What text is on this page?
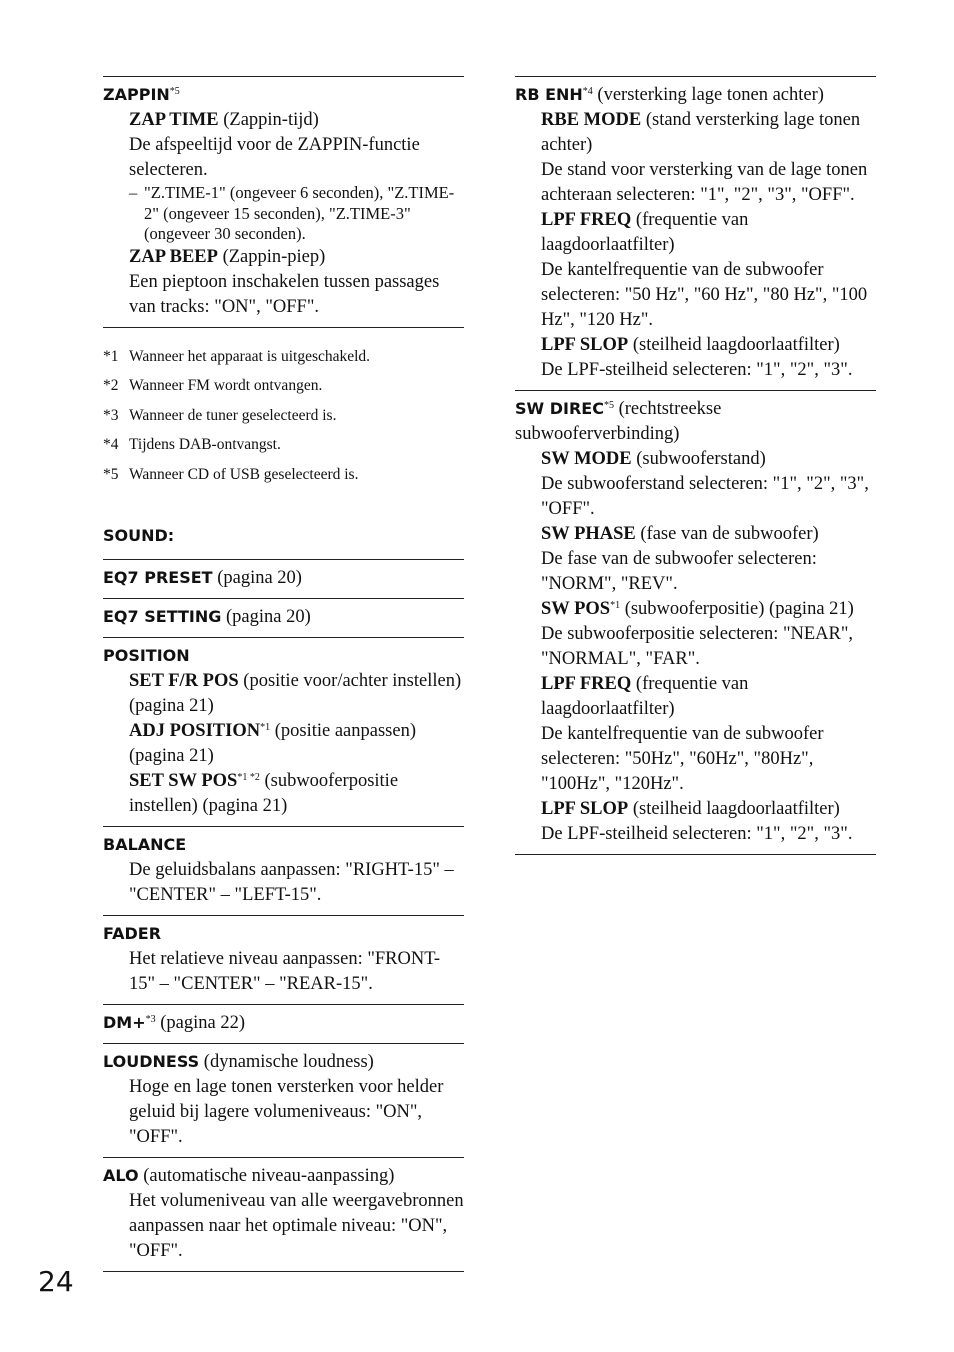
ZAPPIN$^{*5}$
ZAP TIME (Zappin-tijd)
De afspeeltijd voor de ZAPPIN-functie selecteren.
– "Z.TIME-1" (ongeveer 6 seconden), "Z.TIME-2" (ongeveer 15 seconden), "Z.TIME-3" (ongeveer 30 seconden).
ZAP BEEP (Zappin-piep)
Een pieptoon inschakelen tussen passages van tracks: "ON", "OFF".
*1 Wanneer het apparaat is uitgeschakeld.
*2 Wanneer FM wordt ontvangen.
*3 Wanneer de tuner geselecteerd is.
*4 Tijdens DAB-ontvangst.
*5 Wanneer CD of USB geselecteerd is.
SOUND:
EQ7 PRESET (pagina 20)
EQ7 SETTING (pagina 20)
POSITION
SET F/R POS (positie voor/achter instellen) (pagina 21)
ADJ POSITION$^{*1}$ (positie aanpassen) (pagina 21)
SET SW $POS^{*1 *2}$ (subwooferpositie instellen) (pagina 21)
BALANCE
De geluidsbalans aanpassen: "RIGHT-15" – "CENTER" – "LEFT-15".
FADER
Het relatieve niveau aanpassen: "FRONT-15" – "CENTER" – "REAR-15".
DM+$^{*3}$ (pagina 22)
LOUDNESS (dynamische loudness)
Hoge en lage tonen versterken voor helder geluid bij lagere volumeniveaus: "ON", "OFF".
ALO (automatische niveau-aanpassing)
Het volumeniveau van alle weergavebronnen aanpassen naar het optimale niveau: "ON", "OFF".
RB ENH$^{*4}$ (versterking lage tonen achter)
RBE MODE (stand versterking lage tonen achter)
De stand voor versterking van de lage tonen achteraan selecteren: "1", "2", "3", "OFF".
LPF FREQ (frequentie van laagdoorlaatfilter)
De kantelfrequentie van de subwoofer selecteren: "50 Hz", "60 Hz", "80 Hz", "100 Hz", "120 Hz".
LPF SLOP (steilheid laagdoorlaatfilter)
De LPF-steilheid selecteren: "1", "2", "3".
SW DIREC$^{*5}$ (rechtstreekse subwooferverbinding)
SW MODE (subwooferstand)
De subwooferstand selecteren: "1", "2", "3", "OFF".
SW PHASE (fase van de subwoofer)
De fase van de subwoofer selecteren: "NORM", "REV".
SW POS$^{*1}$ (subwooferpositie) (pagina 21)
De subwooferpositie selecteren: "NEAR", "NORMAL", "FAR".
LPF FREQ (frequentie van laagdoorlaatfilter)
De kantelfrequentie van de subwoofer selecteren: "50Hz", "60Hz", "80Hz", "100Hz", "120Hz".
LPF SLOP (steilheid laagdoorlaatfilter)
De LPF-steilheid selecteren: "1", "2", "3".
24
